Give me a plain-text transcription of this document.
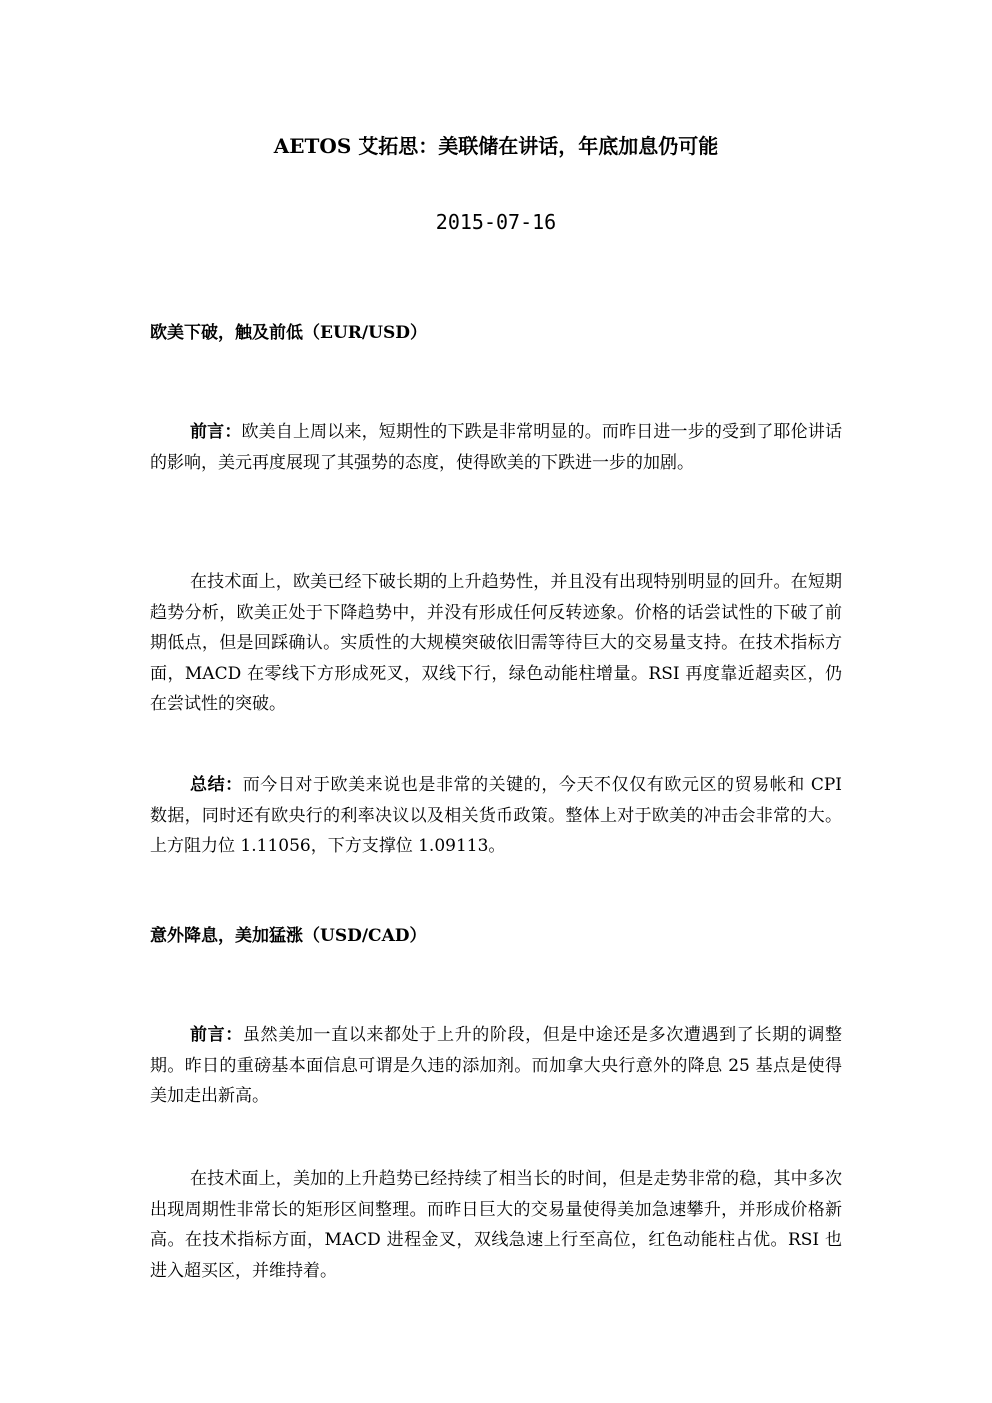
AETOS 艾拓思：美联储在讲话，年底加息仍可能
2015-07-16
欧美下破，触及前低（EUR/USD）

前言：欧美自上周以来，短期性的下跌是非常明显的。而昨日进一步的受到了耶伦讲话的影响，美元再度展现了其强势的态度，使得欧美的下跌进一步的加剧。

在技术面上，欧美已经下破长期的上升趋势性，并且没有出现特别明显的回升。在短期趋势分析，欧美正处于下降趋势中，并没有形成任何反转迹象。价格的话尝试性的下破了前期低点，但是回踩确认。实质性的大规模突破依旧需等待巨大的交易量支持。在技术指标方面，MACD 在零线下方形成死叉，双线下行，绿色动能柱增量。RSI 再度靠近超卖区，仍在尝试性的突破。

总结：而今日对于欧美来说也是非常的关键的，今天不仅仅有欧元区的贸易帐和 CPI 数据，同时还有欧央行的利率决议以及相关货币政策。整体上对于欧美的冲击会非常的大。上方阻力位 1.11056，下方支撑位 1.09113。

意外降息，美加猛涨（USD/CAD）

前言：虽然美加一直以来都处于上升的阶段，但是中途还是多次遭遇到了长期的调整期。昨日的重磅基本面信息可谓是久违的添加剂。而加拿大央行意外的降息 25 基点是使得美加走出新高。

在技术面上，美加的上升趋势已经持续了相当长的时间，但是走势非常的稳，其中多次出现周期性非常长的矩形区间整理。而昨日巨大的交易量使得美加急速攀升，并形成价格新高。在技术指标方面，MACD 进程金叉，双线急速上行至高位，红色动能柱占优。RSI 也进入超买区，并维持着。
